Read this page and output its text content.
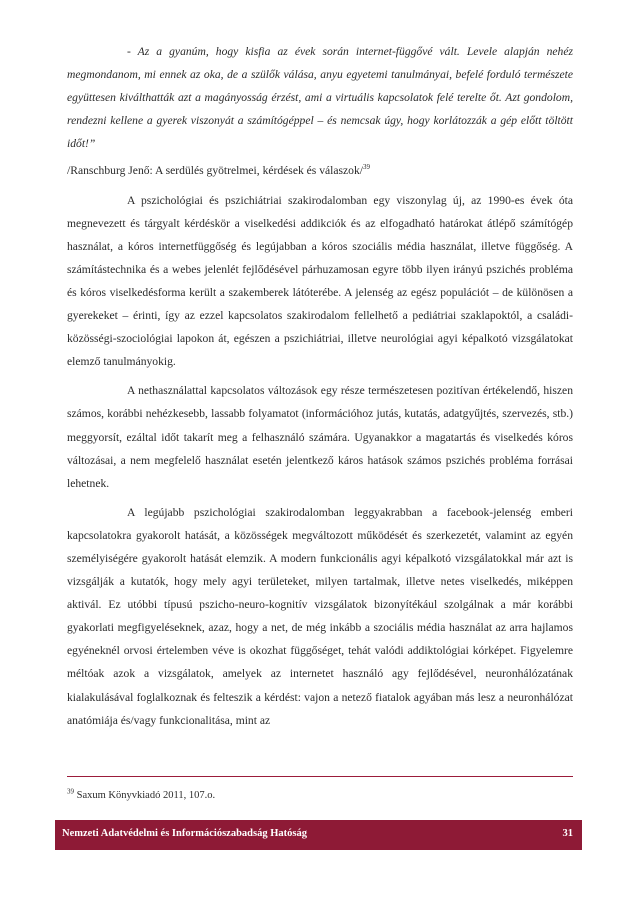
- Az a gyanúm, hogy kisfia az évek során internet-függővé vált. Levele alapján nehéz megmondanom, mi ennek az oka, de a szülők válása, anyu egyetemi tanulmányai, befelé forduló természete együttesen kiválthatták azt a magányosság érzést, ami a virtuális kapcsolatok felé terelte őt. Azt gondolom, rendezni kellene a gyerek viszonyát a számítógéppel – és nemcsak úgy, hogy korlátozzák a gép előtt töltött időt!”

/Ranschburg Jenő: A serdülés gyötrelmei, kérdések és válaszok/$^{39}$

A pszichológiai és pszichiátriai szakirodalomban egy viszonylag új, az 1990-es évek óta megnevezett és tárgyalt kérdéskör a viselkedési addikciók és az elfogadható határokat átlépő számítógép használat, a kóros internetfüggőség és legújabban a kóros szociális média használat, illetve függőség. A számítástechnika és a webes jelenlét fejlődésével párhuzamosan egyre több ilyen irányú pszichés probléma és kóros viselkedésforma került a szakemberek látóterébe. A jelenség az egész populációt – de különösen a gyerekeket – érinti, így az ezzel kapcsolatos szakirodalom fellelhető a pediátriai szaklapoktól, a családi-közösségi-szociológiai lapokon át, egészen a pszichiátriai, illetve neurológiai agyi képalkotó vizsgálatokat elemző tanulmányokig.

A nethasználattal kapcsolatos változások egy része természetesen pozitívan értékelendő, hiszen számos, korábbi nehézkesebb, lassabb folyamatot (információhoz jutás, kutatás, adatgyűjtés, szervezés, stb.) meggyorsít, ezáltal időt takarít meg a felhasználó számára. Ugyanakkor a magatartás és viselkedés kóros változásai, a nem megfelelő használat esetén jelentkező káros hatások számos pszichés probléma forrásai lehetnek.

A legújabb pszichológiai szakirodalomban leggyakrabban a facebook-jelenség emberi kapcsolatokra gyakorolt hatását, a közösségek megváltozott működését és szerkezetét, valamint az egyén személyiségére gyakorolt hatását elemzik. A modern funkcionális agyi képalkotó vizsgálatokkal már azt is vizsgálják a kutatók, hogy mely agyi területeket, milyen tartalmak, illetve netes viselkedés, miképpen aktivál. Ez utóbbi típusú pszicho-neuro-kognitív vizsgálatok bizonyítékául szolgálnak a már korábbi gyakorlati megfigyeléseknek, azaz, hogy a net, de még inkább a szociális média használat az arra hajlamos egyéneknél orvosi értelemben véve is okozhat függőséget, tehát valódi addiktológiai kórképet. Figyelemre méltóak azok a vizsgálatok, amelyek az internetet használó agy fejlődésével, neuronhálózatának kialakulásával foglalkoznak és felteszik a kérdést: vajon a netező fiatalok agyában más lesz a neuronhálózat anatómiája és/vagy funkcionalitása, mint az

$^{39}$ Saxum Könyvkiadó 2011, 107.o.
Nemzeti Adatvédelmi és Információszabadság Hatóság	31
